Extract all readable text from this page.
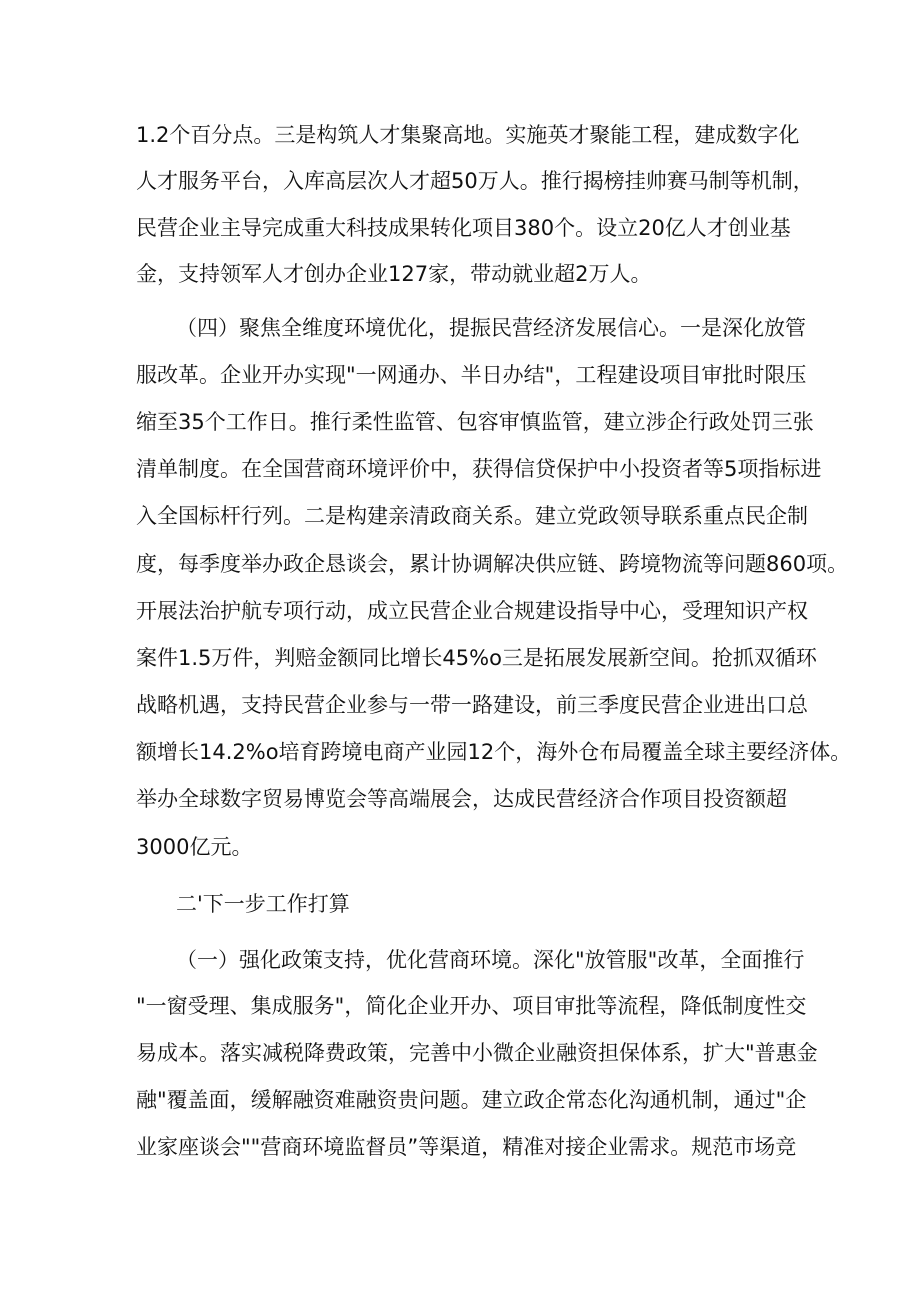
1.2个百分点。三是构筑人才集聚高地。实施英才聚能工程，建成数字化
人才服务平台，入库高层次人才超50万人。推行揭榜挂帅赛马制等机制，
民营企业主导完成重大科技成果转化项目380个。设立20亿人才创业基
金，支持领军人才创办企业127家，带动就业超2万人。
（四）聚焦全维度环境优化，提振民营经济发展信心。一是深化放管
服改革。企业开办实现"一网通办、半日办结"，工程建设项目审批时限压
缩至35个工作日。推行柔性监管、包容审慎监管，建立涉企行政处罚三张
清单制度。在全国营商环境评价中，获得信贷保护中小投资者等5项指标进
入全国标杆行列。二是构建亲清政商关系。建立党政领导联系重点民企制
度，每季度举办政企恳谈会，累计协调解决供应链、跨境物流等问题860项。
开展法治护航专项行动，成立民营企业合规建设指导中心，受理知识产权
案件1.5万件，判赔金额同比增长45%o三是拓展发展新空间。抢抓双循环
战略机遇，支持民营企业参与一带一路建设，前三季度民营企业进出口总
额增长14.2%o培育跨境电商产业园12个，海外仓布局覆盖全球主要经济体。
举办全球数字贸易博览会等高端展会，达成民营经济合作项目投资额超
3000亿元。
二'下一步工作打算
（一）强化政策支持，优化营商环境。深化"放管服"改革，全面推行
"一窗受理、集成服务"，简化企业开办、项目审批等流程，降低制度性交
易成本。落实减税降费政策，完善中小微企业融资担保体系，扩大"普惠金
融"覆盖面，缓解融资难融资贵问题。建立政企常态化沟通机制，通过"企
业家座谈会""营商环境监督员”等渠道，精准对接企业需求。规范市场竞
